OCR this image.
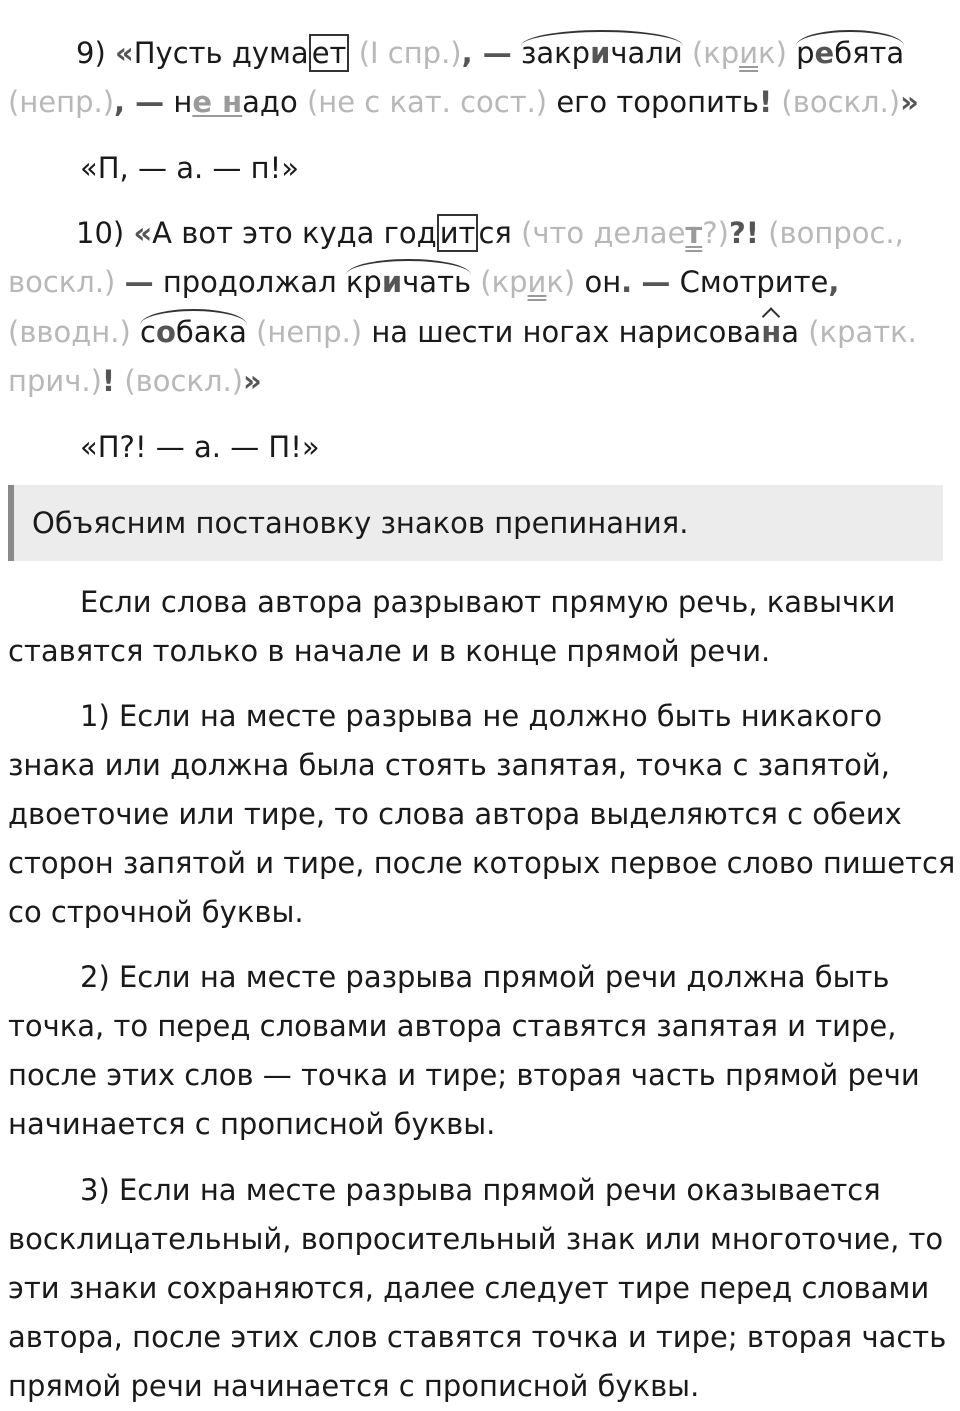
9) «Пусть дума ет (I спр.), — закричали (крик) ребята
(непр.), — не надо (не с кат. сост.) его торопить! (воскл.)»
«П, — а. — п!»
10) «А вот это куда год ит ся (что делает?)?! (вопрос.,
воскл.) — продолжал кричать (крик) он. — Смотрите,
(вводн.) собака (непр.) на шести ногах нарисована (кратк.
прич.)! (воскл.)»
«П?! — а. — П!»
Объясним постановку знаков препинания.
Если слова автора разрывают прямую речь, кавычки
ставятся только в начале и в конце прямой речи.
1) Если на месте разрыва не должно быть никакого
знака или должна была стоять запятая, точка с запятой,
двоеточие или тире, то слова автора выделяются с обеих
сторон запятой и тире, после которых первое слово пишется
со строчной буквы.
2) Если на месте разрыва прямой речи должна быть
точка, то перед словами автора ставятся запятая и тире,
после этих слов — точка и тире; вторая часть прямой речи
начинается с прописной буквы.
3) Если на месте разрыва прямой речи оказывается
восклицательный, вопросительный знак или многоточие, то
эти знаки сохраняются, далее следует тире перед словами
автора, после этих слов ставятся точка и тире; вторая часть
прямой речи начинается с прописной буквы.
